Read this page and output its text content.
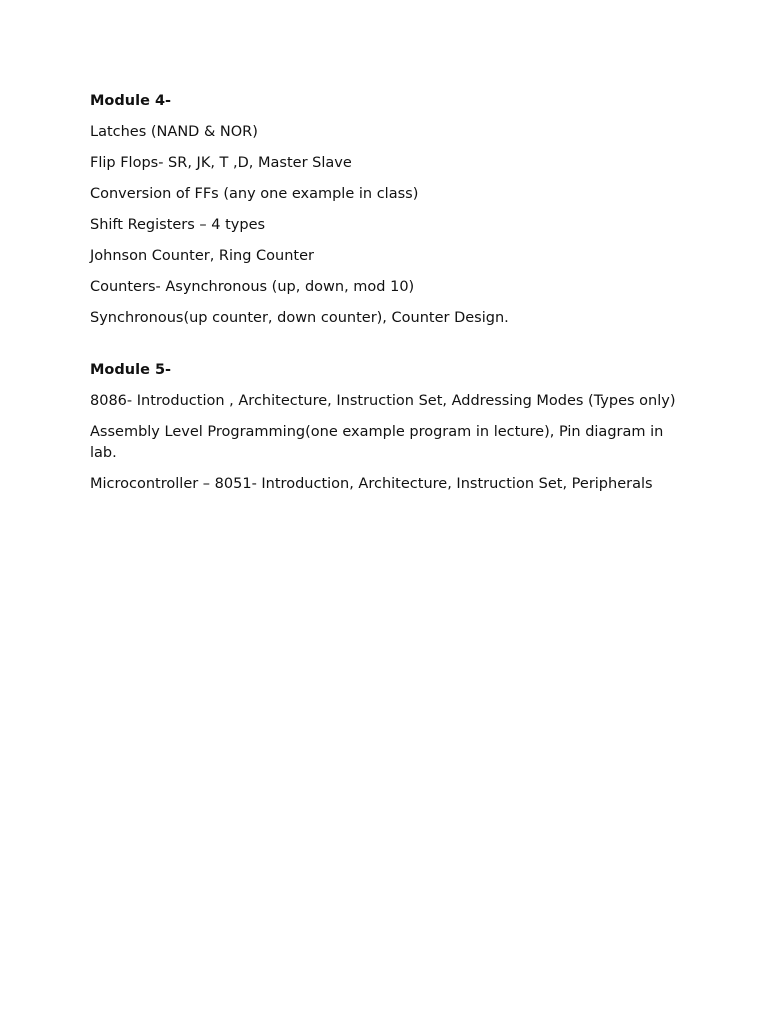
Module 4-
Latches (NAND & NOR)
Flip Flops- SR, JK, T ,D, Master Slave
Conversion of FFs (any one example in class)
Shift Registers – 4 types
Johnson Counter, Ring Counter
Counters- Asynchronous (up, down, mod 10)
Synchronous(up counter, down counter), Counter Design.
Module 5-
8086- Introduction , Architecture, Instruction Set, Addressing Modes (Types only)
Assembly Level Programming(one example program in lecture), Pin diagram in lab.
Microcontroller – 8051- Introduction, Architecture, Instruction Set, Peripherals
